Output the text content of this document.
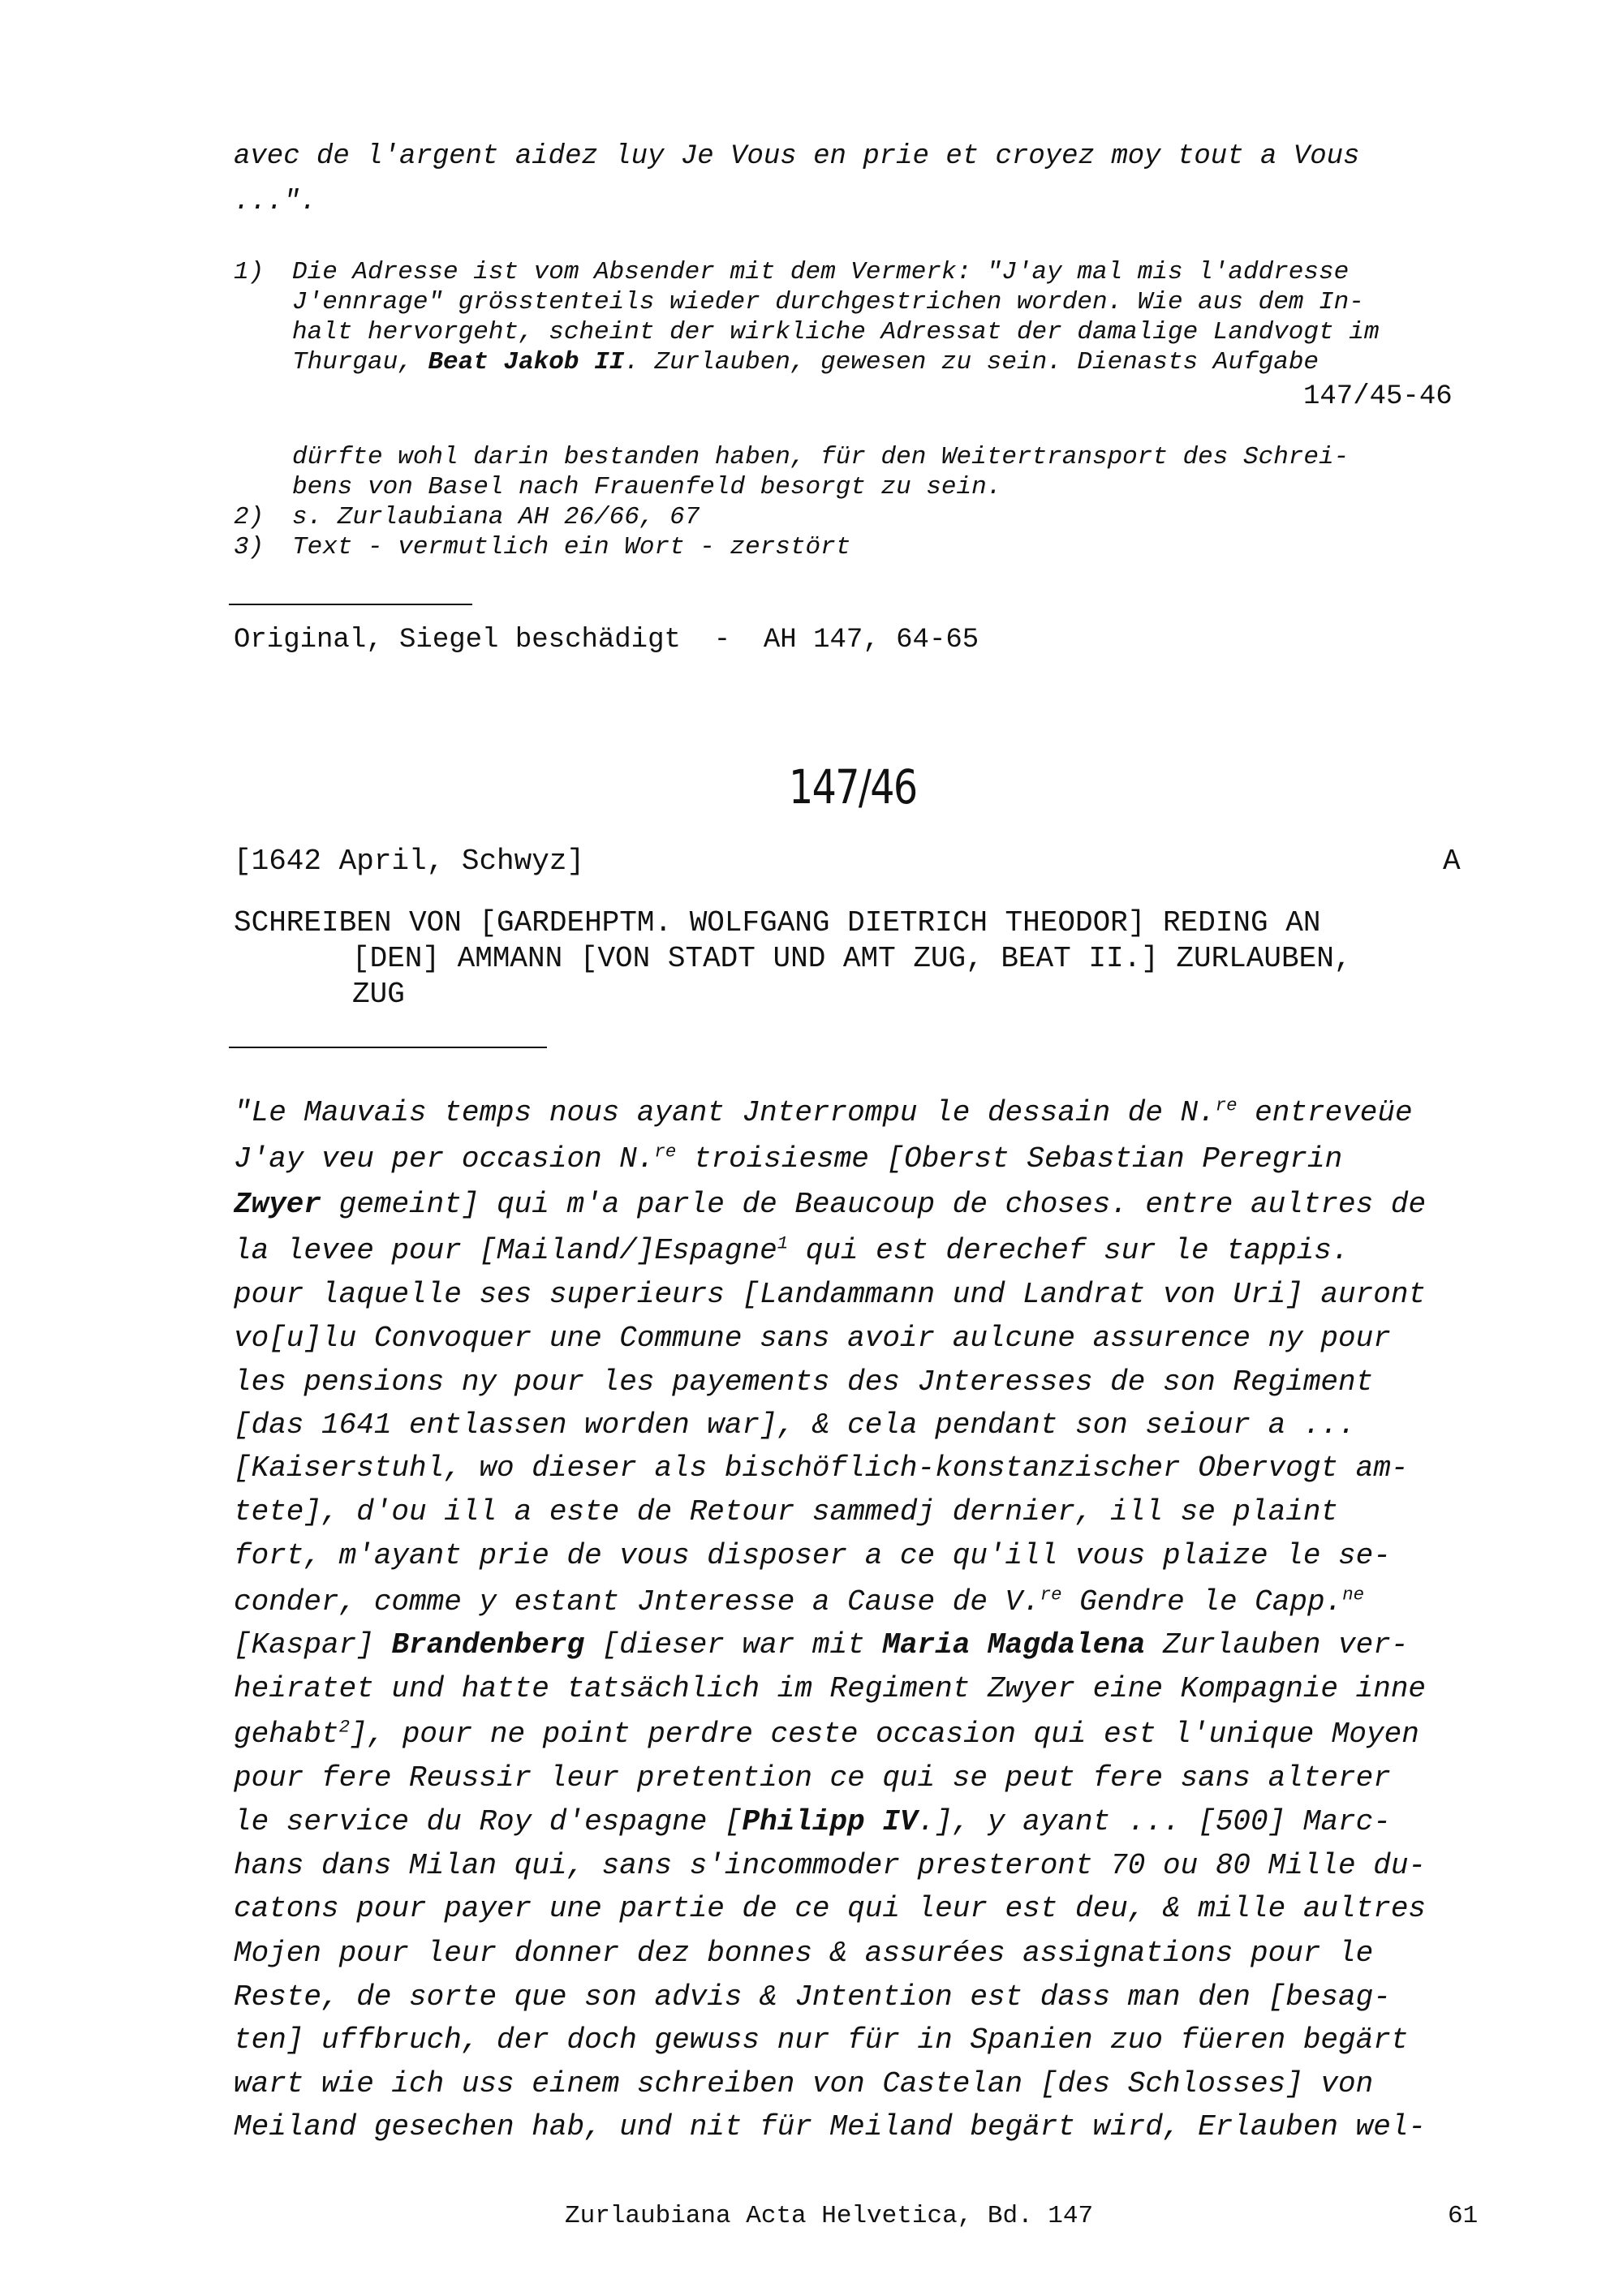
avec de l'argent aidez luy Je Vous en prie et croyez moy tout a Vous
...".
1) Die Adresse ist vom Absender mit dem Vermerk: "J'ay mal mis l'addresse
J'ennrage" grösstenteils wieder durchgestrichen worden. Wie aus dem In-
halt hervorgeht, scheint der wirkliche Adressat der damalige Landvogt im
Thurgau, Beat Jakob II. Zurlauben, gewesen zu sein. Dienasts Aufgabe
147/45-46
dürfte wohl darin bestanden haben, für den Weitertransport des Schrei-
bens von Basel nach Frauenfeld besorgt zu sein.
2) s. Zurlaubiana AH 26/66, 67
3) Text - vermutlich ein Wort - zerstört
Original, Siegel beschädigt  -  AH 147, 64-65
147/46
[1642 April, Schwyz]	A
SCHREIBEN VON [GARDEHPTM. WOLFGANG DIETRICH THEODOR] REDING AN
[DEN] AMMANN [VON STADT UND AMT ZUG, BEAT II.] ZURLAUBEN,
ZUG
"Le Mauvais temps nous ayant Jnterrompu le dessain de N.$^{re}$ entreveüe
J'ay veu per occasion N.$^{re}$ troisiesme [Oberst Sebastian Peregrin
Zwyer gemeint] qui m'a parle de Beaucoup de choses. entre aultres de
la levee pour [Mailand/]Espagne$^1$ qui est derechef sur le tappis.
pour laquelle ses superieurs [Landammann und Landrat von Uri] auront
vo[u]lu Convoquer une Commune sans avoir aulcune assurence ny pour
les pensions ny pour les payements des Jnteresses de son Regiment
[das 1641 entlassen worden war], & cela pendant son seiour a ...
[Kaiserstuhl, wo dieser als bischöflich-konstanzischer Obervogt am-
tete], d'ou ill a este de Retour sammedj dernier, ill se plaint
fort, m'ayant prie de vous disposer a ce qu'ill vous plaize le se-
conder, comme y estant Jnteresse a Cause de V.$^{re}$ Gendre le Capp.$^{ne}$
[Kaspar] Brandenberg [dieser war mit Maria Magdalena Zurlauben ver-
heiratet und hatte tatsächlich im Regiment Zwyer eine Kompagnie inne
gehabt$^2$], pour ne point perdre ceste occasion qui est l'unique Moyen
pour fere Reussir leur pretention ce qui se peut fere sans alterer
le service du Roy d'espagne [Philipp IV.], y ayant ... [500] Marc-
hans dans Milan qui, sans s'incommoder presteront 70 ou 80 Mille du-
catons pour payer une partie de ce qui leur est deu, & mille aultres
Mojen pour leur donner dez bonnes & assurées assignations pour le
Reste, de sorte que son advis & Jntention est dass man den [besag-
ten] uffbruch, der doch gewuss nur für in Spanien zuo füeren begärt
wart wie ich uss einem schreiben von Castelan [des Schlosses] von
Meiland gesechen hab, und nit für Meiland begärt wird, Erlauben wel-
Zurlaubiana Acta Helvetica, Bd. 147	61
